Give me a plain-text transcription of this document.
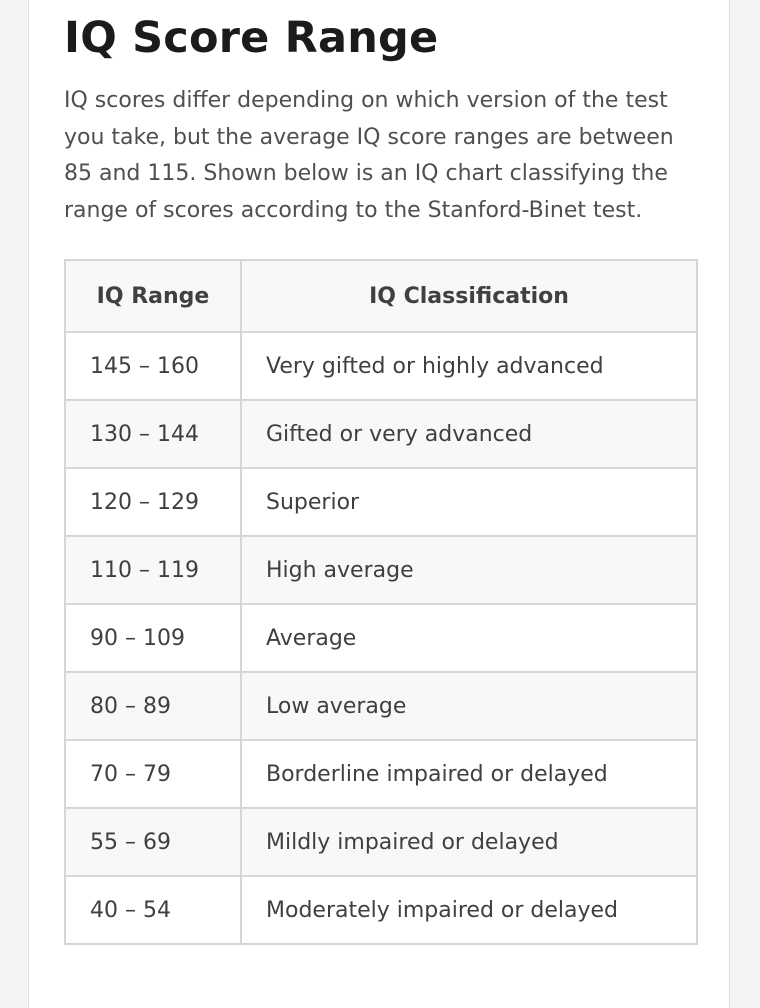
IQ Score Range

IQ scores differ depending on which version of the test you take, but the average IQ score ranges are between 85 and 115. Shown below is an IQ chart classifying the range of scores according to the Stanford-Binet test.

IQ Range	IQ Classification
145 – 160	Very gifted or highly advanced
130 – 144	Gifted or very advanced
120 – 129	Superior
110 – 119	High average
90 – 109	Average
80 – 89	Low average
70 – 79	Borderline impaired or delayed
55 – 69	Mildly impaired or delayed
40 – 54	Moderately impaired or delayed
